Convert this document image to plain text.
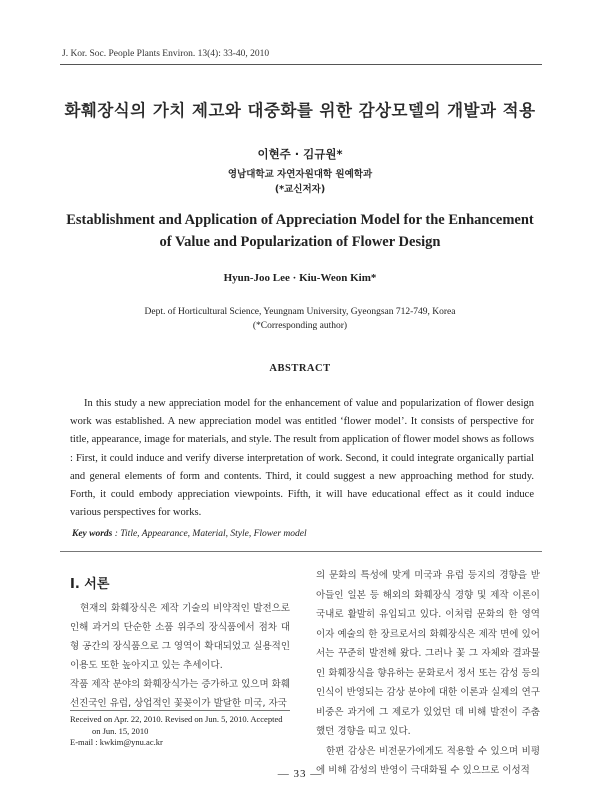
J. Kor. Soc. People Plants Environ. 13(4): 33-40, 2010
화훼장식의 가치 제고와 대중화를 위한 감상모델의 개발과 적용
이현주 · 김규원*
영남대학교 자연자원대학 원예학과
(*교신저자)
Establishment and Application of Appreciation Model for the Enhancement of Value and Popularization of Flower Design
Hyun-Joo Lee · Kiu-Weon Kim*
Dept. of Horticultural Science, Yeungnam University, Gyeongsan 712-749, Korea
(*Corresponding author)
ABSTRACT
In this study a new appreciation model for the enhancement of value and popularization of flower design work was established. A new appreciation model was entitled ‘flower model’. It consists of perspective for title, appearance, image for materials, and style. The result from application of flower model shows as follows : First, it could induce and verify diverse interpretation of work. Second, it could integrate organically partial and general elements of form and contents. Third, it could suggest a new approaching method for study. Forth, it could embody appreciation viewpoints. Fifth, it will have educational effect as it could induce various perspectives for works.
Key words : Title, Appearance, Material, Style, Flower model
Ⅰ. 서론

현재의 화훼장식은 제작 기술의 비약적인 발전으로 인해 과거의 단순한 소품 위주의 장식품에서 점차 대형 공간의 장식품으로 그 영역이 확대되었고 실용적인 이용도 또한 높아지고 있는 추세이다.

작품 제작 분야의 화훼장식가는 증가하고 있으며 화훼 선진국인 유럽, 상업적인 꽃꽂이가 발달한 미국, 자국

의 문화의 특성에 맞게 미국과 유럽 등지의 경향을 받아들인 일본 등 해외의 화훼장식 경향 및 제작 이론이 국내로 활발히 유입되고 있다. 이처럼 문화의 한 영역이자 예술의 한 장르로서의 화훼장식은 제작 면에 있어서는 꾸준히 발전해 왔다. 그러나 꽃 그 자체와 결과물인 화훼장식을 향유하는 문화로서 정서 또는 감성 등의 인식이 반영되는 감상 분야에 대한 이론과 실제의 연구 비중은 과거에 그 제로가 있었던 데 비해 발전이 주춤했던 경향을 띠고 있다.

한편 감상은 비전문가에게도 적용할 수 있으며 비평에 비해 감성의 반영이 극대화될 수 있으므로 이성적

Received on Apr. 22, 2010. Revised on Jun. 5, 2010. Accepted
on Jun. 15, 2010
E-mail : kwkim@ynu.ac.kr
— 33 —
